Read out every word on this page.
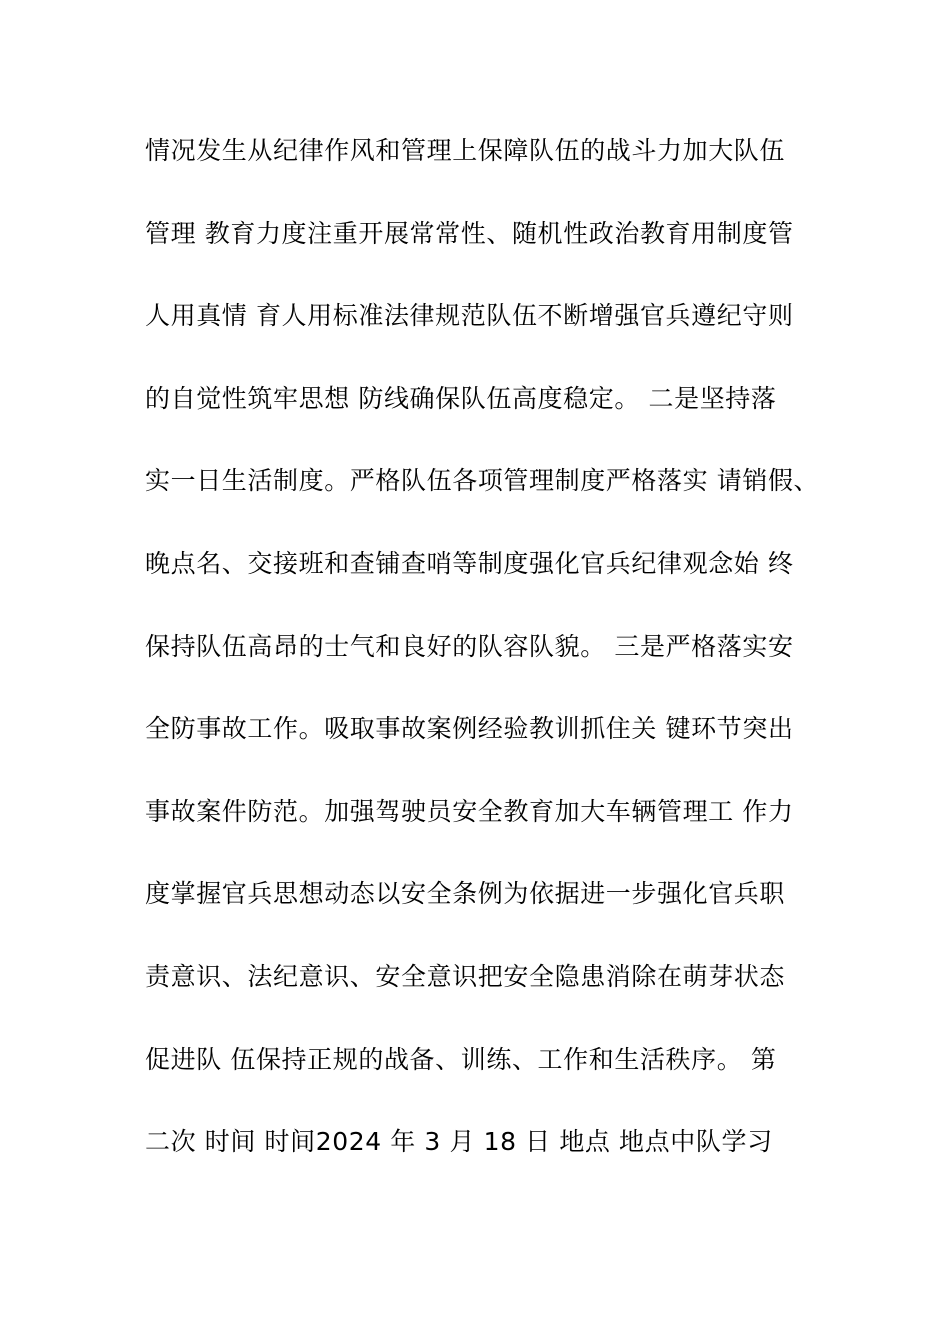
情况发生从纪律作风和管理上保障队伍的战斗力加大队伍
管理 教育力度注重开展常常性、随机性政治教育用制度管
人用真情 育人用标准法律规范队伍不断增强官兵遵纪守则
的自觉性筑牢思想 防线确保队伍高度稳定。 二是坚持落
实一日生活制度。严格队伍各项管理制度严格落实 请销假、
晚点名、交接班和查铺查哨等制度强化官兵纪律观念始 终
保持队伍高昂的士气和良好的队容队貌。 三是严格落实安
全防事故工作。吸取事故案例经验教训抓住关 键环节突出
事故案件防范。加强驾驶员安全教育加大车辆管理工 作力
度掌握官兵思想动态以安全条例为依据进一步强化官兵职
责意识、法纪意识、安全意识把安全隐患消除在萌芽状态
促进队 伍保持正规的战备、训练、工作和生活秩序。 第
二次 时间 时间2024 年 3 月 18 日 地点 地点中队学习
